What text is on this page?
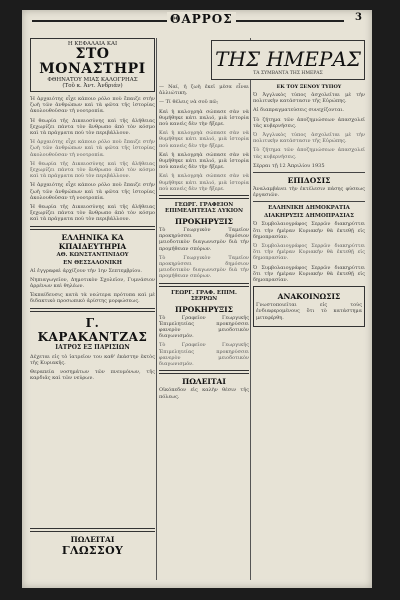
ΘΑΡΡΟΣ	3
Η ΚΕΦΑΛΑΙΑ ΚΑΙ
ΣΤΟ ΜΟΝΑΣΤΗΡΙ
ΦΘΗΝΑΤΟΥ ΜΙΑΣ ΚΑΛΟΓΡΗΑΣ
(Τοῦ κ. Ἀντ. Ἀνδριάν)

Ἡ ἀρχαιότης εἶχε κάποιο ρόλο ποὺ ἔπαιζε στὴν ζωὴ τῶν ἀνθρώπων καὶ τὰ φῶτα τῆς ἱστορίας ἀκολουθοῦσαν τὴ νοοτροπία.

Ἡ θεωρία τῆς Δικαιοσύνης καὶ τῆς ἀλήθειας ξεχωρίζει πάντα τὸν ἄνθρωπο ἀπὸ τὸν κόσμο καὶ τὰ πράγματα ποὺ τὸν περιβάλλουν.

Ἡ ἀρχαιότης εἶχε κάποιο ρόλο ποὺ ἔπαιζε στὴν ζωὴ τῶν ἀνθρώπων καὶ τὰ φῶτα τῆς ἱστορίας ἀκολουθοῦσαν τὴ νοοτροπία.

Ἡ θεωρία τῆς Δικαιοσύνης καὶ τῆς ἀλήθειας ξεχωρίζει πάντα τὸν ἄνθρωπο ἀπὸ τὸν κόσμο καὶ τὰ πράγματα ποὺ τὸν περιβάλλουν.

Ἡ ἀρχαιότης εἶχε κάποιο ρόλο ποὺ ἔπαιζε στὴν ζωὴ τῶν ἀνθρώπων καὶ τὰ φῶτα τῆς ἱστορίας ἀκολουθοῦσαν τὴ νοοτροπία.

Ἡ θεωρία τῆς Δικαιοσύνης καὶ τῆς ἀλήθειας ξεχωρίζει πάντα τὸν ἄνθρωπο ἀπὸ τὸν κόσμο καὶ τὰ πράγματα ποὺ τὸν περιβάλλουν.

ΕΛΛΗΝΙΚΑ ΚΑ ΚΠΑΙΔΕΥΤΗΡΙΑ
ΑΘ. ΚΩΝΣΤΑΝΤΙΝΙΔΟΥ
ΕΝ ΘΕΣΣΑΛΟΝΙΚΗ

Αἱ ἐγγραφαὶ ἀρχίζουν τὴν 1ην Σεπτεμβρίου.

Νηπιαγωγεῖον, Δημοτικὸν Σχολεῖον, Γυμνάσιον ἀρρένων καὶ θηλέων.

Ἐκπαίδευσις κατὰ τὰ νεώτερα πρότυπα καὶ μὲ διδακτικὸ προσωπικὸ ἀρίστης μορφώσεως.

Γ. ΚΑΡΑΚΑΝΤΖΑΣ
ΙΑΤΡΟΣ ΕΞ ΠΑΡΙΣΙΩΝ

Δέχεται εἰς τὸ ἰατρεῖον του καθ' ἑκάστην ἐκτὸς τῆς Κυριακῆς.

Θεραπεία νοσημάτων τῶν πνευμόνων, τῆς καρδιᾶς καὶ τῶν νεύρων.

ΠΩΛΕΙΤΑΙ
ΓΛΩΣΣΟΥ

— Ναί, ἡ ζωὴ ἐκεῖ μέσα εἶναι ἀλλιώτικη.

— Τί θέλεις νὰ σοῦ πῶ;

Καὶ ἡ καλογρηὰ σώπασε σὰν νὰ θυμήθηκε κάτι παλιό, μιὰ ἱστορία ποὺ κανεὶς δὲν τὴν ἤξερε.

Καὶ ἡ καλογρηὰ σώπασε σὰν νὰ θυμήθηκε κάτι παλιό, μιὰ ἱστορία ποὺ κανεὶς δὲν τὴν ἤξερε.

Καὶ ἡ καλογρηὰ σώπασε σὰν νὰ θυμήθηκε κάτι παλιό, μιὰ ἱστορία ποὺ κανεὶς δὲν τὴν ἤξερε.

Καὶ ἡ καλογρηὰ σώπασε σὰν νὰ θυμήθηκε κάτι παλιό, μιὰ ἱστορία ποὺ κανεὶς δὲν τὴν ἤξερε.

ΓΕΩΡΓ. ΓΡΑΦΕΙΟΝ ΕΠΙΜΕΛΗΤΕΙΑΣ ΛΥΚΙΟΝ
ΠΡΟΚΗΡΥΞΙΣ

Τὸ Γεωργικὸν Ταμεῖον προκηρύσσει δημόσιον μειοδοτικὸν διαγωνισμὸν διὰ τὴν προμήθειαν σπόρων.

Τὸ Γεωργικὸν Ταμεῖον προκηρύσσει δημόσιον μειοδοτικὸν διαγωνισμὸν διὰ τὴν προμήθειαν σπόρων.

ΓΕΩΡΓ. ΓΡΑΦ. ΕΠΙΜ. ΣΕΡΡΩΝ
ΠΡΟΚΗΡΥΞΙΣ

Τὸ Γραφεῖον Γεωργικῆς Ἐπιμελητείας προκηρύσσει φανερὸν μειοδοτικὸν διαγωνισμόν.

Τὸ Γραφεῖον Γεωργικῆς Ἐπιμελητείας προκηρύσσει φανερὸν μειοδοτικὸν διαγωνισμόν.

ΠΩΛΕΙΤΑΙ

Οἰκόπεδον εἰς καλὴν θέσιν τῆς πόλεως.

ΤΗΣ ΗΜΕΡΑΣ
ΤΑ ΣΥΜΒΑΝΤΑ ΤΗΣ ΗΜΕΡΑΣ
ΕΚ ΤΟΥ ΞΕΝΟΥ ΤΥΠΟΥ

Ὁ Ἀγγλικὸς τύπος ἀσχολεῖται μὲ τὴν πολιτικὴν κατάστασιν τῆς Εὐρώπης.

Αἱ διαπραγματεύσεις συνεχίζονται.

Τὸ ζήτημα τῶν ἀποζημιώσεων ἀπασχολεῖ τὰς κυβερνήσεις.

Ὁ Ἀγγλικὸς τύπος ἀσχολεῖται μὲ τὴν πολιτικὴν κατάστασιν τῆς Εὐρώπης.

Τὸ ζήτημα τῶν ἀποζημιώσεων ἀπασχολεῖ τὰς κυβερνήσεις.

Σέρραι τῇ 12 Ἀπριλίου 1935

ΕΠΙΔΟΣΙΣ

Ἀναλαμβάνει τὴν ἐκτέλεσιν πάσης φύσεως ἐργασιῶν.

ΕΛΛΗΝΙΚΗ ΔΗΜΟΚΡΑΤΙΑ
ΔΙΑΚΗΡΥΞΙΣ ΔΗΜΟΠΡΑΣΙΑΣ

Ὁ Συμβολαιογράφος Σερρῶν διακηρύττει ὅτι τὴν ἡμέραν Κυριακὴν θὰ ἐκτεθῇ εἰς δημοπρασίαν.

Ὁ Συμβολαιογράφος Σερρῶν διακηρύττει ὅτι τὴν ἡμέραν Κυριακὴν θὰ ἐκτεθῇ εἰς δημοπρασίαν.

Ὁ Συμβολαιογράφος Σερρῶν διακηρύττει ὅτι τὴν ἡμέραν Κυριακὴν θὰ ἐκτεθῇ εἰς δημοπρασίαν.

ΑΝΑΚΟΙΝΩΣΙΣ

Γνωστοποιεῖται εἰς τοὺς ἐνδιαφερομένους ὅτι τὸ κατάστημα μετεφέρθη.
